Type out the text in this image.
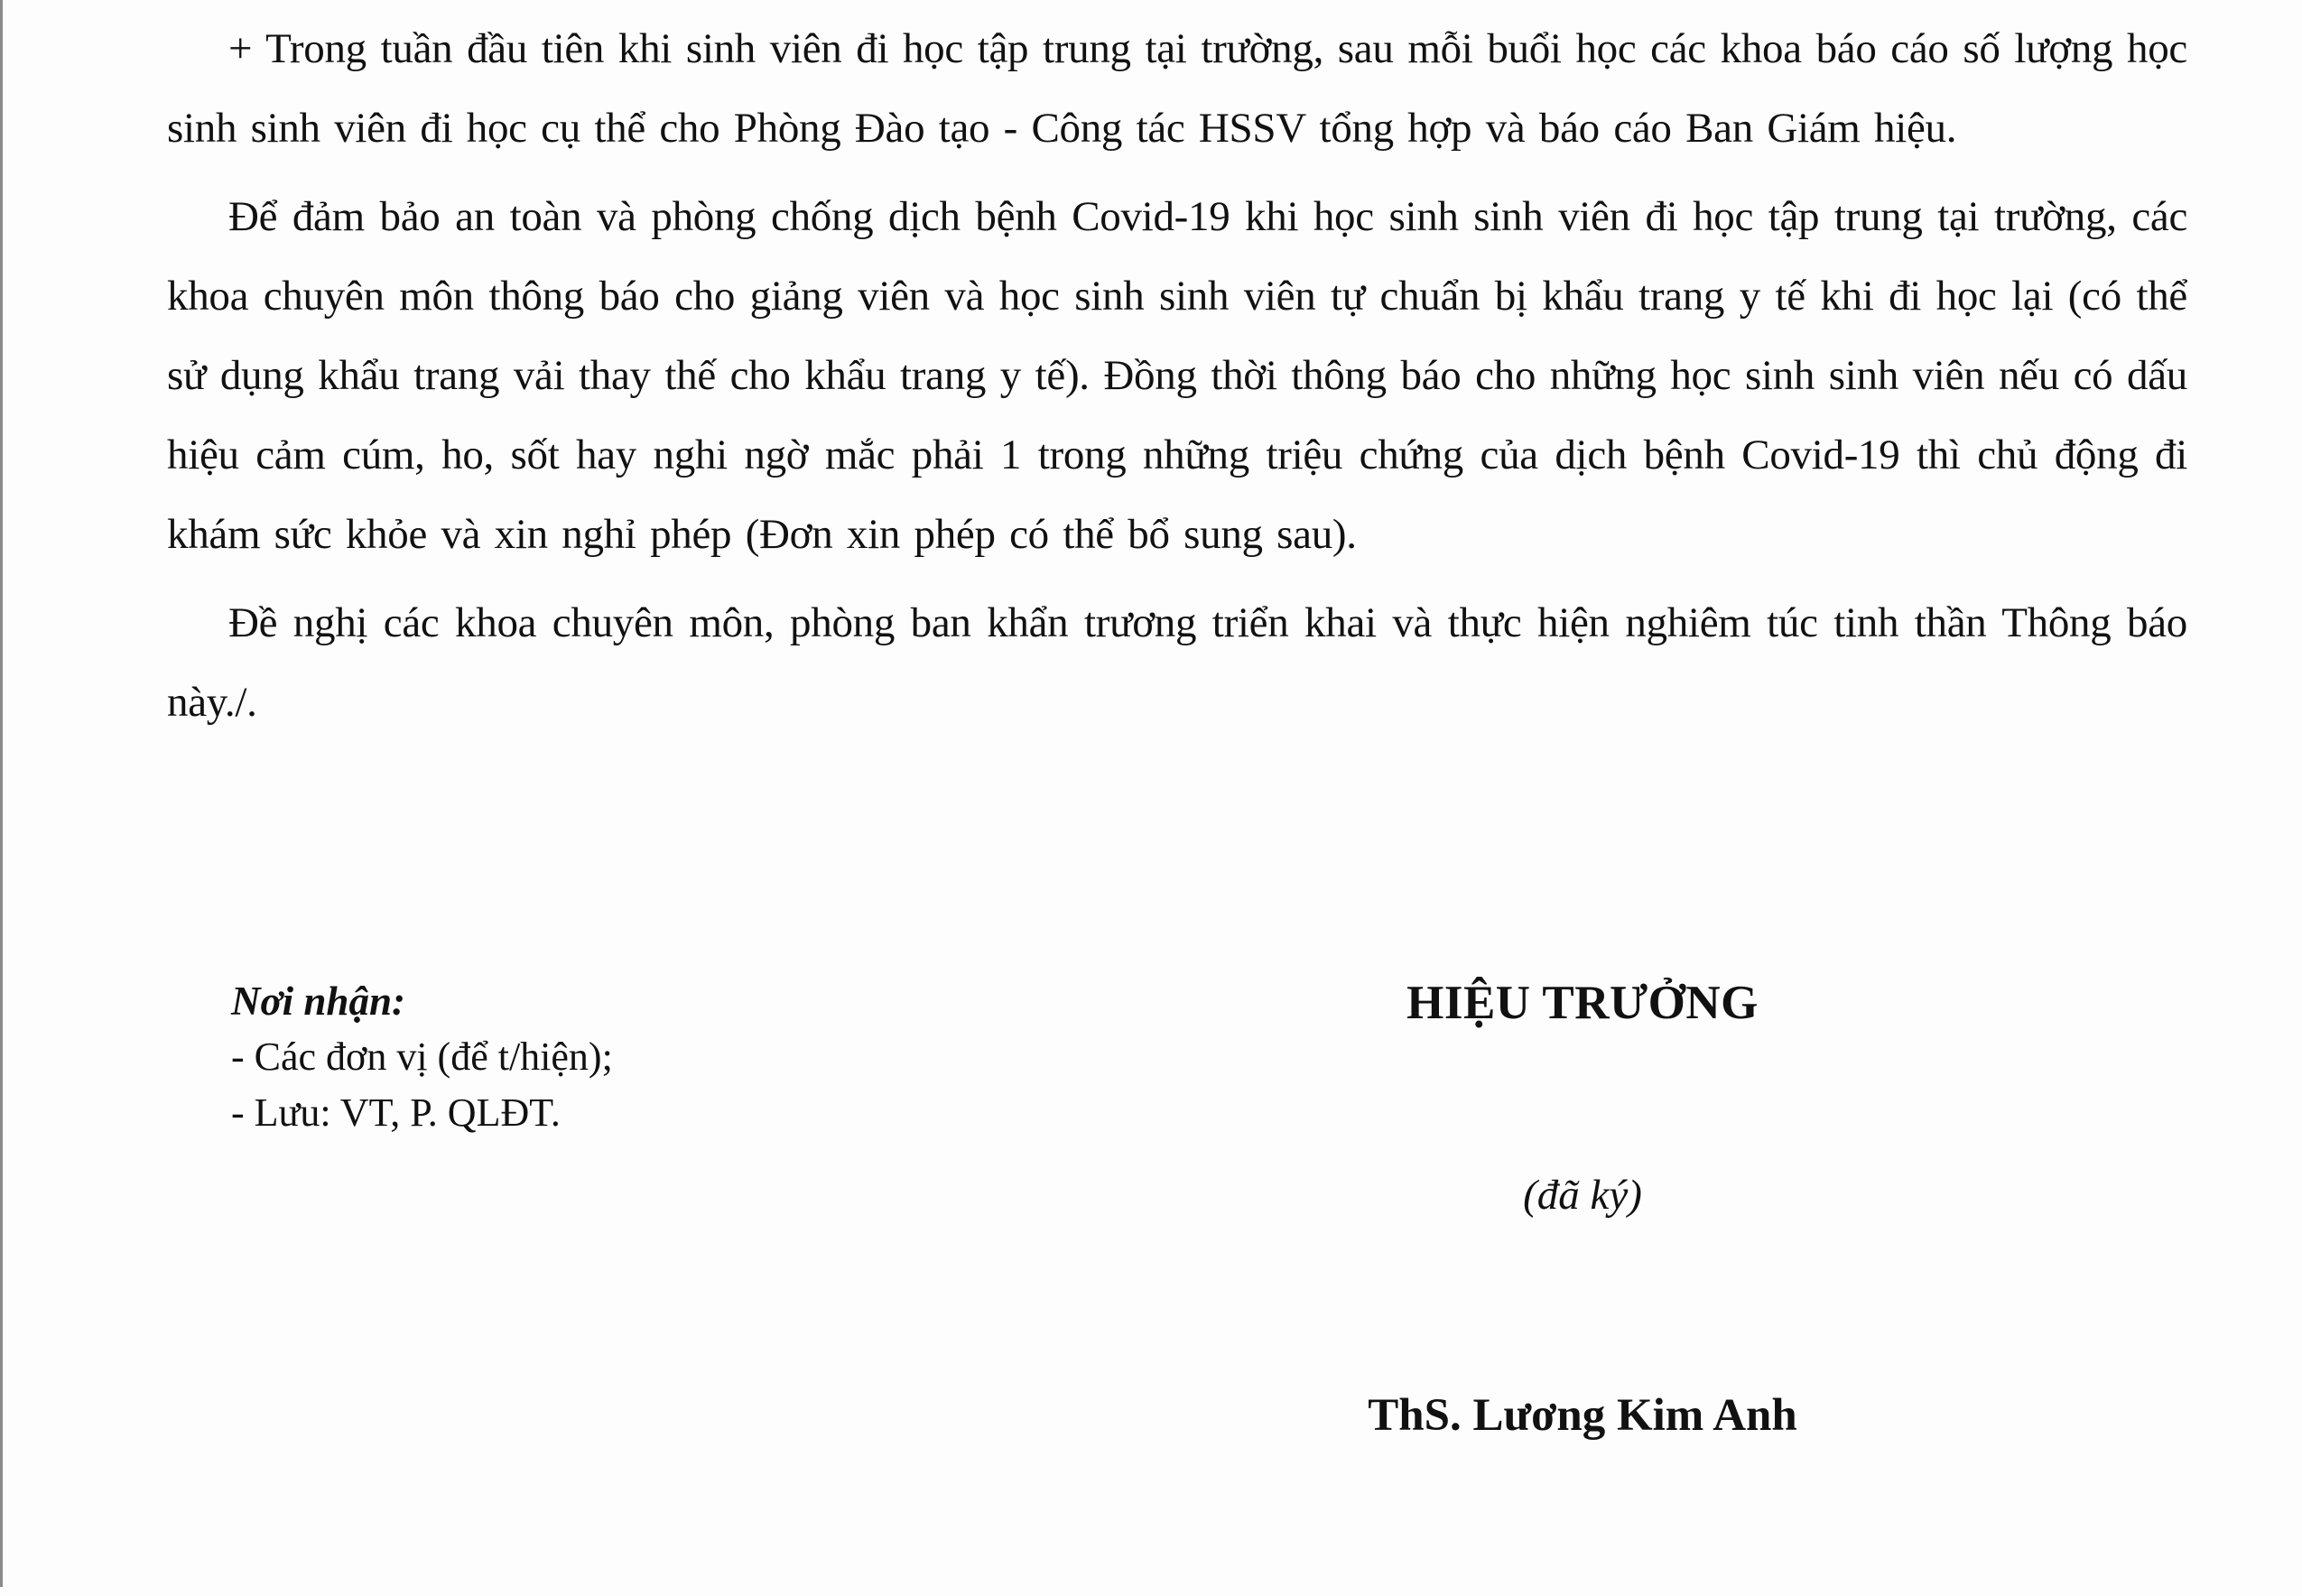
+ Trong tuần đầu tiên khi sinh viên đi học tập trung tại trường, sau mỗi buổi học các khoa báo cáo số lượng học sinh sinh viên đi học cụ thể cho Phòng Đào tạo - Công tác HSSV tổng hợp và báo cáo Ban Giám hiệu.

Để đảm bảo an toàn và phòng chống dịch bệnh Covid-19 khi học sinh sinh viên đi học tập trung tại trường, các khoa chuyên môn thông báo cho giảng viên và học sinh sinh viên tự chuẩn bị khẩu trang y tế khi đi học lại (có thể sử dụng khẩu trang vải thay thế cho khẩu trang y tế). Đồng thời thông báo cho những học sinh sinh viên nếu có dấu hiệu cảm cúm, ho, sốt hay nghi ngờ mắc phải 1 trong những triệu chứng của dịch bệnh Covid-19 thì chủ động đi khám sức khỏe và xin nghỉ phép (Đơn xin phép có thể bổ sung sau).

Đề nghị các khoa chuyên môn, phòng ban khẩn trương triển khai và thực hiện nghiêm túc tinh thần Thông báo này./.

Nơi nhận:
- Các đơn vị (để t/hiện);
- Lưu: VT, P. QLĐT.
HIỆU TRƯỞNG
(đã ký)
ThS. Lương Kim Anh
